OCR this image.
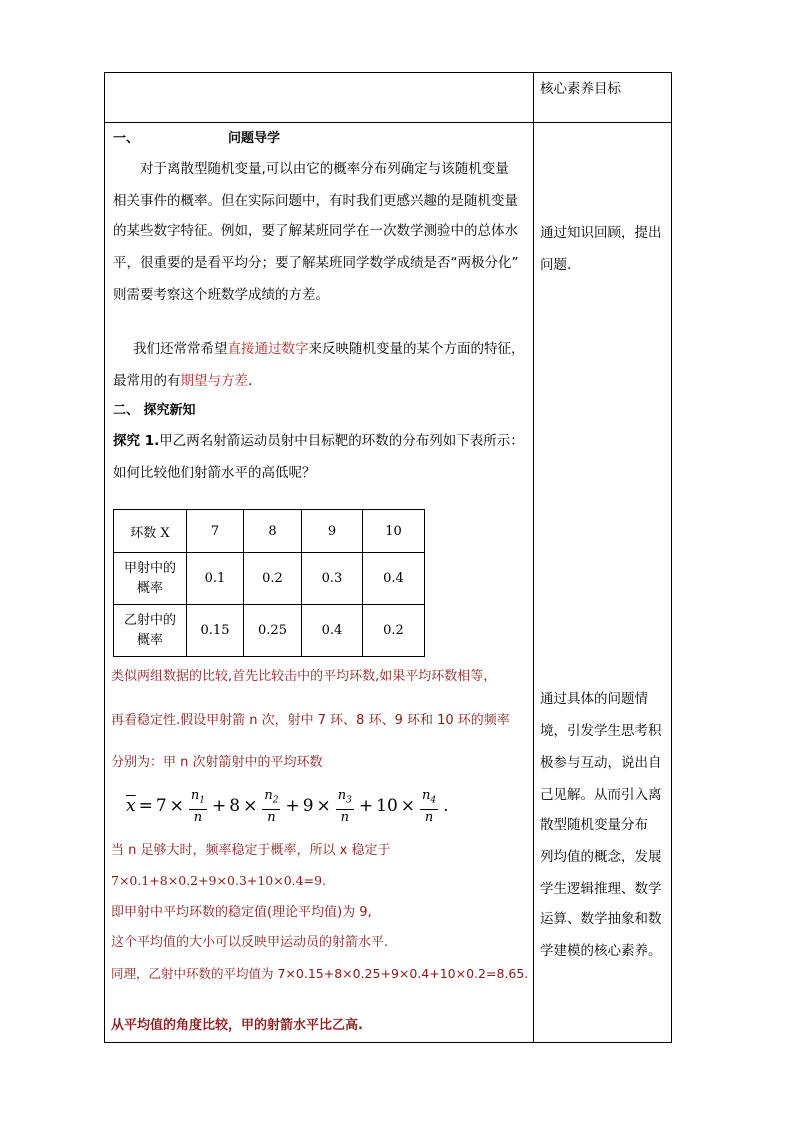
核心素养目标
一、	问题导学
对于离散型随机变量,可以由它的概率分布列确定与该随机变量
相关事件的概率。但在实际问题中，有时我们更感兴趣的是随机变量
的某些数字特征。例如，要了解某班同学在一次数学测验中的总体水
平，很重要的是看平均分；要了解某班同学数学成绩是否“两极分化”
则需要考察这个班数学成绩的方差。
我们还常常希望直接通过数字来反映随机变量的某个方面的特征，
最常用的有期望与方差.
二、 探究新知
探究 1.甲乙两名射箭运动员射中目标靶的环数的分布列如下表所示：
如何比较他们射箭水平的高低呢？
环数 X	7	8	9	10
甲射中的
概率	0.1	0.2	0.3	0.4
乙射中的
概率	0.15	0.25	0.4	0.2
类似两组数据的比较,首先比较击中的平均环数,如果平均环数相等，
再看稳定性.假设甲射箭 n 次，射中 7 环、8 环、9 环和 10 环的频率
分别为：甲 n 次射箭射中的平均环数
$\overline{x} = 7 \times \frac{n_1}{n} + 8 \times \frac{n_2}{n} + 9 \times \frac{n_3}{n} + 10 \times \frac{n_4}{n}$ .
当 n 足够大时，频率稳定于概率，所以 x 稳定于
7×0.1+8×0.2+9×0.3+10×0.4=9.
即甲射中平均环数的稳定值(理论平均值)为 9,
这个平均值的大小可以反映甲运动员的射箭水平.
同理，乙射中环数的平均值为 7×0.15+8×0.25+9×0.4+10×0.2=8.65.
从平均值的角度比较，甲的射箭水平比乙高.
通过知识回顾，提出
问题.
通过具体的问题情
境，引发学生思考积
极参与互动，说出自
己见解。从而引入离
散型随机变量分布
列均值的概念，发展
学生逻辑推理、数学
运算、数学抽象和数
学建模的核心素养。
